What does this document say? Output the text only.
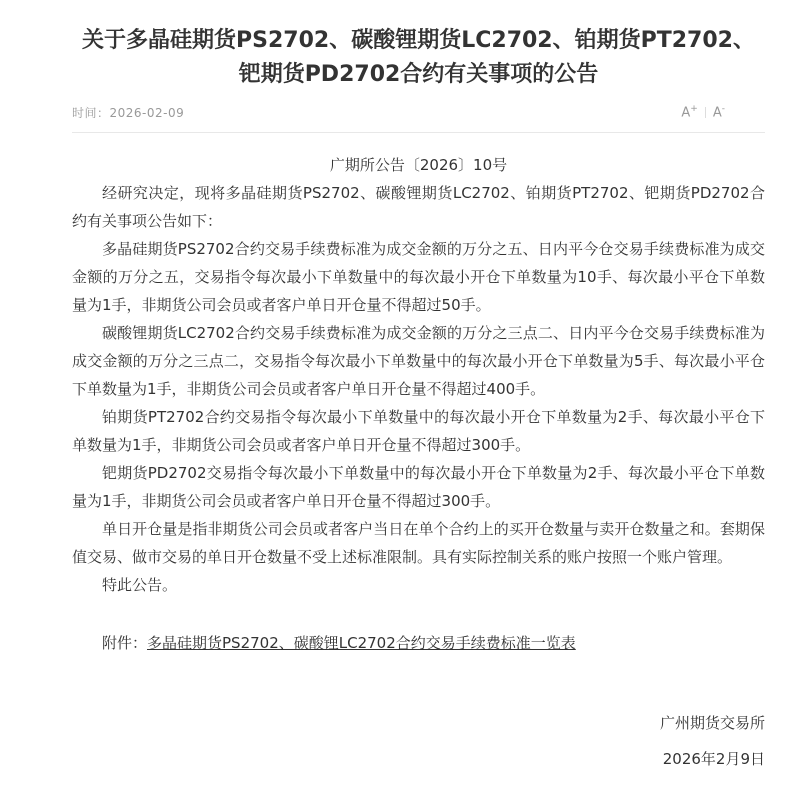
关于多晶硅期货PS2702、碳酸锂期货LC2702、铂期货PT2702、钯期货PD2702合约有关事项的公告
时间：2026-02-09	A+ A-
广期所公告〔2026〕10号

经研究决定，现将多晶硅期货PS2702、碳酸锂期货LC2702、铂期货PT2702、钯期货PD2702合约有关事项公告如下：

多晶硅期货PS2702合约交易手续费标准为成交金额的万分之五、日内平今仓交易手续费标准为成交金额的万分之五，交易指令每次最小下单数量中的每次最小开仓下单数量为10手、每次最小平仓下单数量为1手，非期货公司会员或者客户单日开仓量不得超过50手。

碳酸锂期货LC2702合约交易手续费标准为成交金额的万分之三点二、日内平今仓交易手续费标准为成交金额的万分之三点二，交易指令每次最小下单数量中的每次最小开仓下单数量为5手、每次最小平仓下单数量为1手，非期货公司会员或者客户单日开仓量不得超过400手。

铂期货PT2702合约交易指令每次最小下单数量中的每次最小开仓下单数量为2手、每次最小平仓下单数量为1手，非期货公司会员或者客户单日开仓量不得超过300手。

钯期货PD2702交易指令每次最小下单数量中的每次最小开仓下单数量为2手、每次最小平仓下单数量为1手，非期货公司会员或者客户单日开仓量不得超过300手。

单日开仓量是指非期货公司会员或者客户当日在单个合约上的买开仓数量与卖开仓数量之和。套期保值交易、做市交易的单日开仓数量不受上述标准限制。具有实际控制关系的账户按照一个账户管理。

特此公告。

附件：多晶硅期货PS2702、碳酸锂LC2702合约交易手续费标准一览表
广州期货交易所
2026年2月9日
